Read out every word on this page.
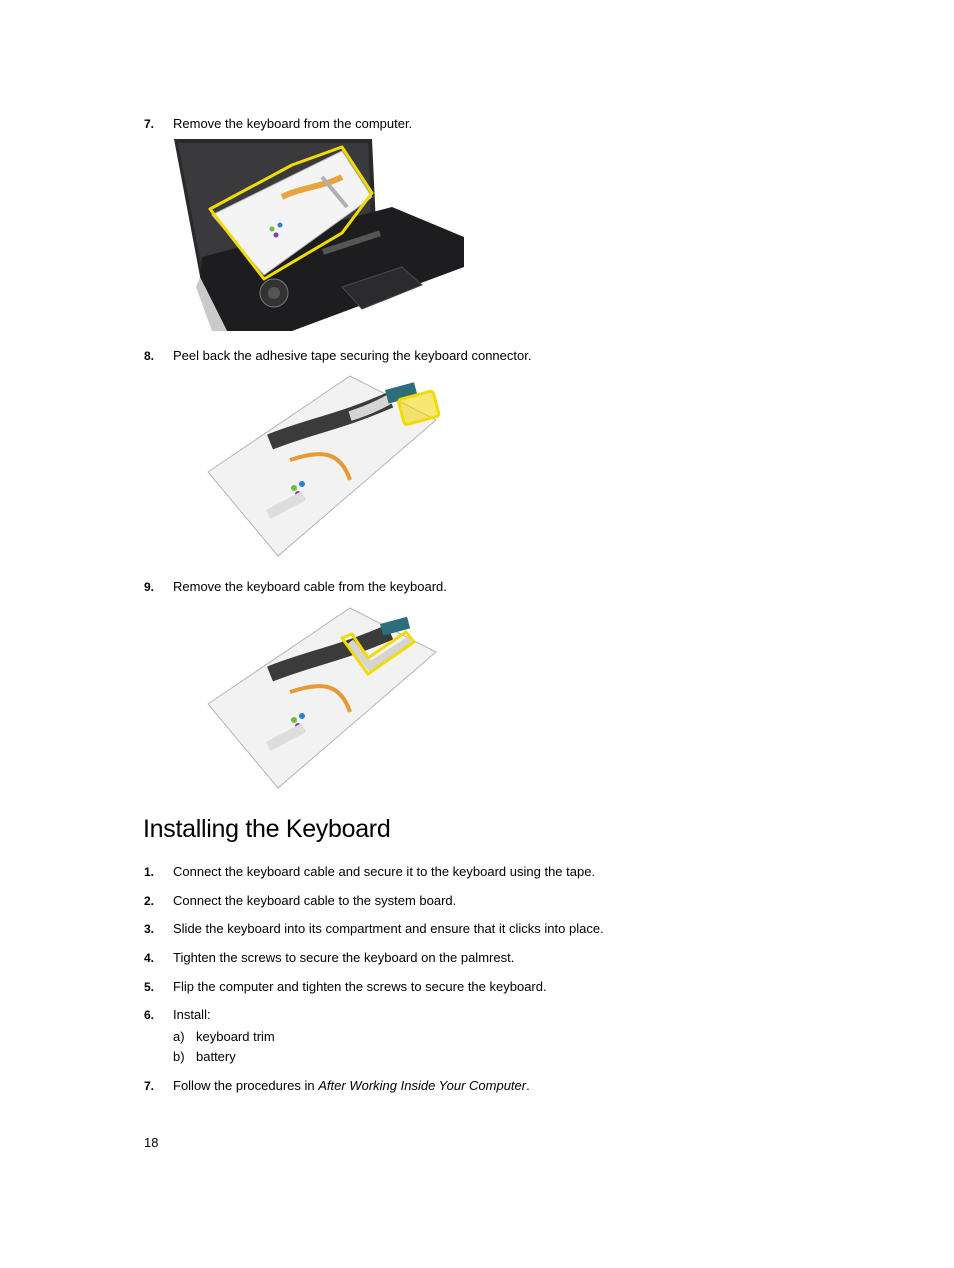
7. Remove the keyboard from the computer.
8. Peel back the adhesive tape securing the keyboard connector.
9. Remove the keyboard cable from the keyboard.
Installing the Keyboard
1. Connect the keyboard cable and secure it to the keyboard using the tape.
2. Connect the keyboard cable to the system board.
3. Slide the keyboard into its compartment and ensure that it clicks into place.
4. Tighten the screws to secure the keyboard on the palmrest.
5. Flip the computer and tighten the screws to secure the keyboard.
6. Install:
a) keyboard trim
b) battery
7. Follow the procedures in After Working Inside Your Computer.
18
